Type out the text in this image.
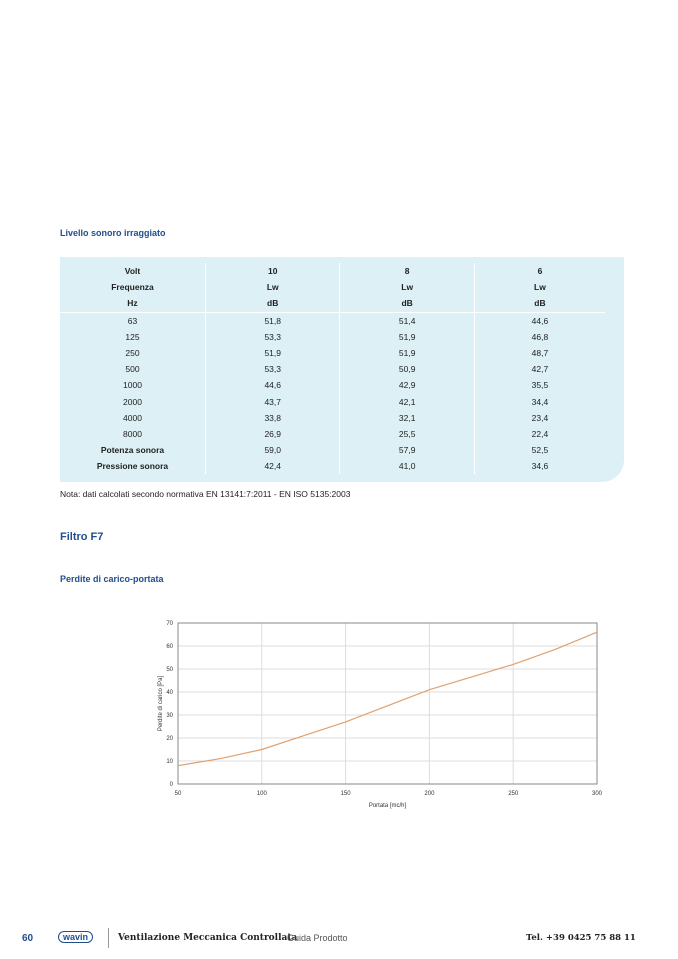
Livello sonoro irraggiato
Volt	10	8	6
Frequenza	Lw	Lw	Lw
Hz	dB	dB	dB
63	51,8	51,4	44,6
125	53,3	51,9	46,8
250	51,9	51,9	48,7
500	53,3	50,9	42,7
1000	44,6	42,9	35,5
2000	43,7	42,1	34,4
4000	33,8	32,1	23,4
8000	26,9	25,5	22,4
Potenza sonora	59,0	57,9	52,5
Pressione sonora	42,4	41,0	34,6
Nota: dati calcolati secondo normativa EN 13141:7:2011 - EN ISO 5135:2003
Filtro F7
Perdite di carico-portata
50	100	150	200	250	300
0
10
20
30
40
50
60
70
Portata [mc/h]
Perdite di carico [Pa]
60	wavin	Ventilazione Meccanica Controllata
Guida Prodotto	Tel. +39 0425 75 88 11
